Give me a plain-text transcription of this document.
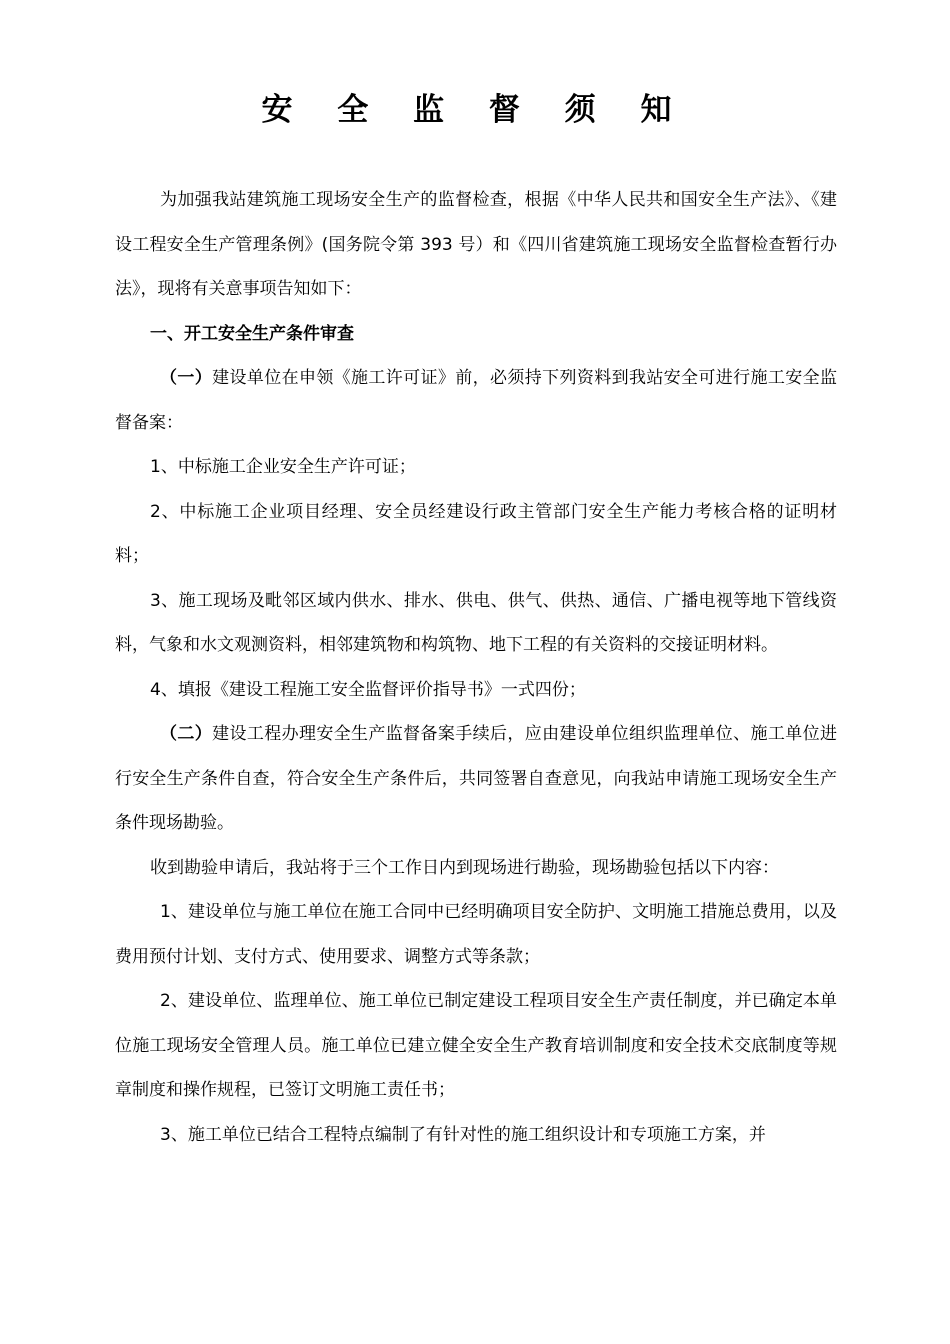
安 全 监 督 须 知

为加强我站建筑施工现场安全生产的监督检查，根据《中华人民共和国安全生产法》、《建设工程安全生产管理条例》(国务院令第 393 号）和《四川省建筑施工现场安全监督检查暂行办法》，现将有关意事项告知如下：

一、开工安全生产条件审查

（一）建设单位在申领《施工许可证》前，必须持下列资料到我站安全可进行施工安全监督备案：

1、中标施工企业安全生产许可证；

2、中标施工企业项目经理、安全员经建设行政主管部门安全生产能力考核合格的证明材料；

3、施工现场及毗邻区域内供水、排水、供电、供气、供热、通信、广播电视等地下管线资料，气象和水文观测资料，相邻建筑物和构筑物、地下工程的有关资料的交接证明材料。

4、填报《建设工程施工安全监督评价指导书》一式四份；

（二）建设工程办理安全生产监督备案手续后，应由建设单位组织监理单位、施工单位进行安全生产条件自查，符合安全生产条件后，共同签署自查意见，向我站申请施工现场安全生产条件现场勘验。

收到勘验申请后，我站将于三个工作日内到现场进行勘验，现场勘验包括以下内容：

1、建设单位与施工单位在施工合同中已经明确项目安全防护、文明施工措施总费用，以及费用预付计划、支付方式、使用要求、调整方式等条款；

2、建设单位、监理单位、施工单位已制定建设工程项目安全生产责任制度，并已确定本单位施工现场安全管理人员。施工单位已建立健全安全生产教育培训制度和安全技术交底制度等规章制度和操作规程，已签订文明施工责任书；

3、施工单位已结合工程特点编制了有针对性的施工组织设计和专项施工方案，并
